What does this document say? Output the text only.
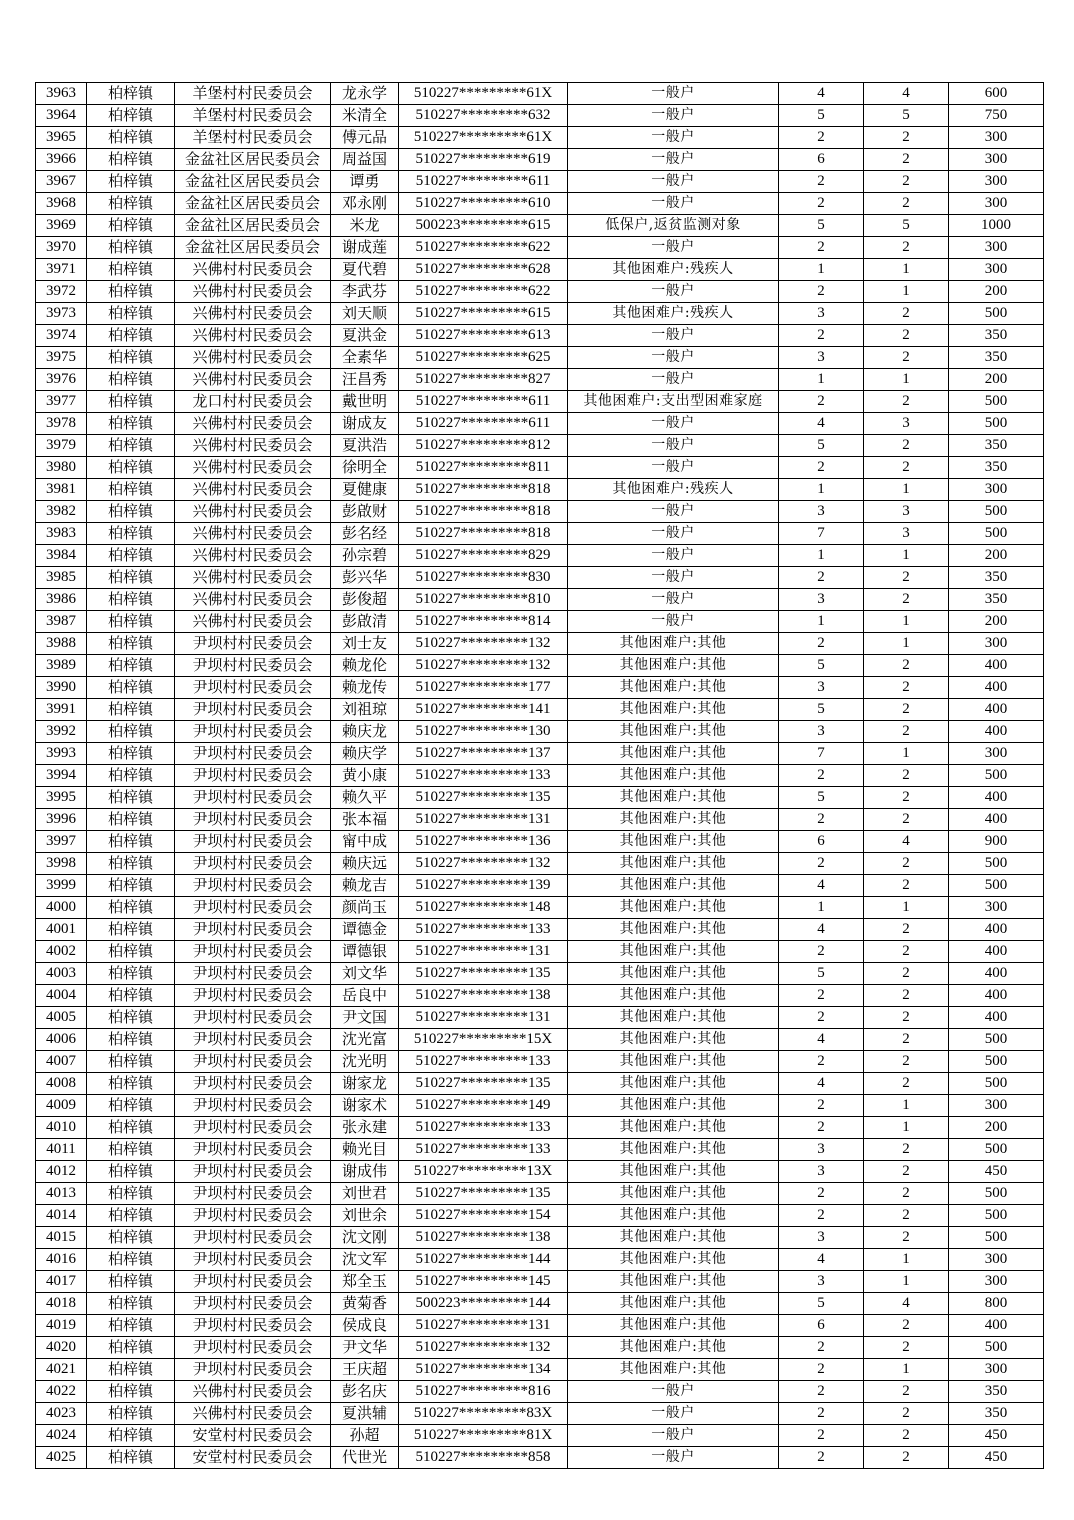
3963	柏梓镇	羊堡村村民委员会	龙永学	510227*********61X	一般户	4	4	600
3964	柏梓镇	羊堡村村民委员会	米清全	510227*********632	一般户	5	5	750
3965	柏梓镇	羊堡村村民委员会	傅元品	510227*********61X	一般户	2	2	300
3966	柏梓镇	金盆社区居民委员会	周益国	510227*********619	一般户	6	2	300
3967	柏梓镇	金盆社区居民委员会	谭勇	510227*********611	一般户	2	2	300
3968	柏梓镇	金盆社区居民委员会	邓永刚	510227*********610	一般户	2	2	300
3969	柏梓镇	金盆社区居民委员会	米龙	500223*********615	低保户,返贫监测对象	5	5	1000
3970	柏梓镇	金盆社区居民委员会	谢成莲	510227*********622	一般户	2	2	300
3971	柏梓镇	兴佛村村民委员会	夏代碧	510227*********628	其他困难户:残疾人	1	1	300
3972	柏梓镇	兴佛村村民委员会	李武芬	510227*********622	一般户	2	1	200
3973	柏梓镇	兴佛村村民委员会	刘天顺	510227*********615	其他困难户:残疾人	3	2	500
3974	柏梓镇	兴佛村村民委员会	夏洪金	510227*********613	一般户	2	2	350
3975	柏梓镇	兴佛村村民委员会	全素华	510227*********625	一般户	3	2	350
3976	柏梓镇	兴佛村村民委员会	汪昌秀	510227*********827	一般户	1	1	200
3977	柏梓镇	龙口村村民委员会	戴世明	510227*********611	其他困难户:支出型困难家庭	2	2	500
3978	柏梓镇	兴佛村村民委员会	谢成友	510227*********611	一般户	4	3	500
3979	柏梓镇	兴佛村村民委员会	夏洪浩	510227*********812	一般户	5	2	350
3980	柏梓镇	兴佛村村民委员会	徐明全	510227*********811	一般户	2	2	350
3981	柏梓镇	兴佛村村民委员会	夏健康	510227*********818	其他困难户:残疾人	1	1	300
3982	柏梓镇	兴佛村村民委员会	彭啟财	510227*********818	一般户	3	3	500
3983	柏梓镇	兴佛村村民委员会	彭名经	510227*********818	一般户	7	3	500
3984	柏梓镇	兴佛村村民委员会	孙宗碧	510227*********829	一般户	1	1	200
3985	柏梓镇	兴佛村村民委员会	彭兴华	510227*********830	一般户	2	2	350
3986	柏梓镇	兴佛村村民委员会	彭俊超	510227*********810	一般户	3	2	350
3987	柏梓镇	兴佛村村民委员会	彭啟清	510227*********814	一般户	1	1	200
3988	柏梓镇	尹坝村村民委员会	刘士友	510227*********132	其他困难户:其他	2	1	300
3989	柏梓镇	尹坝村村民委员会	赖龙伦	510227*********132	其他困难户:其他	5	2	400
3990	柏梓镇	尹坝村村民委员会	赖龙传	510227*********177	其他困难户:其他	3	2	400
3991	柏梓镇	尹坝村村民委员会	刘祖琼	510227*********141	其他困难户:其他	5	2	400
3992	柏梓镇	尹坝村村民委员会	赖庆龙	510227*********130	其他困难户:其他	3	2	400
3993	柏梓镇	尹坝村村民委员会	赖庆学	510227*********137	其他困难户:其他	7	1	300
3994	柏梓镇	尹坝村村民委员会	黄小康	510227*********133	其他困难户:其他	2	2	500
3995	柏梓镇	尹坝村村民委员会	赖久平	510227*********135	其他困难户:其他	5	2	400
3996	柏梓镇	尹坝村村民委员会	张本福	510227*********131	其他困难户:其他	2	2	400
3997	柏梓镇	尹坝村村民委员会	甯中成	510227*********136	其他困难户:其他	6	4	900
3998	柏梓镇	尹坝村村民委员会	赖庆远	510227*********132	其他困难户:其他	2	2	500
3999	柏梓镇	尹坝村村民委员会	赖龙吉	510227*********139	其他困难户:其他	4	2	500
4000	柏梓镇	尹坝村村民委员会	颜尚玉	510227*********148	其他困难户:其他	1	1	300
4001	柏梓镇	尹坝村村民委员会	谭德金	510227*********133	其他困难户:其他	4	2	400
4002	柏梓镇	尹坝村村民委员会	谭德银	510227*********131	其他困难户:其他	2	2	400
4003	柏梓镇	尹坝村村民委员会	刘文华	510227*********135	其他困难户:其他	5	2	400
4004	柏梓镇	尹坝村村民委员会	岳良中	510227*********138	其他困难户:其他	2	2	400
4005	柏梓镇	尹坝村村民委员会	尹文国	510227*********131	其他困难户:其他	2	2	400
4006	柏梓镇	尹坝村村民委员会	沈光富	510227*********15X	其他困难户:其他	4	2	500
4007	柏梓镇	尹坝村村民委员会	沈光明	510227*********133	其他困难户:其他	2	2	500
4008	柏梓镇	尹坝村村民委员会	谢家龙	510227*********135	其他困难户:其他	4	2	500
4009	柏梓镇	尹坝村村民委员会	谢家术	510227*********149	其他困难户:其他	2	1	300
4010	柏梓镇	尹坝村村民委员会	张永建	510227*********133	其他困难户:其他	2	1	200
4011	柏梓镇	尹坝村村民委员会	赖光目	510227*********133	其他困难户:其他	3	2	500
4012	柏梓镇	尹坝村村民委员会	谢成伟	510227*********13X	其他困难户:其他	3	2	450
4013	柏梓镇	尹坝村村民委员会	刘世君	510227*********135	其他困难户:其他	2	2	500
4014	柏梓镇	尹坝村村民委员会	刘世余	510227*********154	其他困难户:其他	2	2	500
4015	柏梓镇	尹坝村村民委员会	沈文刚	510227*********138	其他困难户:其他	3	2	500
4016	柏梓镇	尹坝村村民委员会	沈文军	510227*********144	其他困难户:其他	4	1	300
4017	柏梓镇	尹坝村村民委员会	郑全玉	510227*********145	其他困难户:其他	3	1	300
4018	柏梓镇	尹坝村村民委员会	黄菊香	500223*********144	其他困难户:其他	5	4	800
4019	柏梓镇	尹坝村村民委员会	侯成良	510227*********131	其他困难户:其他	6	2	400
4020	柏梓镇	尹坝村村民委员会	尹文华	510227*********132	其他困难户:其他	2	2	500
4021	柏梓镇	尹坝村村民委员会	王庆超	510227*********134	其他困难户:其他	2	1	300
4022	柏梓镇	兴佛村村民委员会	彭名庆	510227*********816	一般户	2	2	350
4023	柏梓镇	兴佛村村民委员会	夏洪辅	510227*********83X	一般户	2	2	350
4024	柏梓镇	安堂村村民委员会	孙超	510227*********81X	一般户	2	2	450
4025	柏梓镇	安堂村村民委员会	代世光	510227*********858	一般户	2	2	450
